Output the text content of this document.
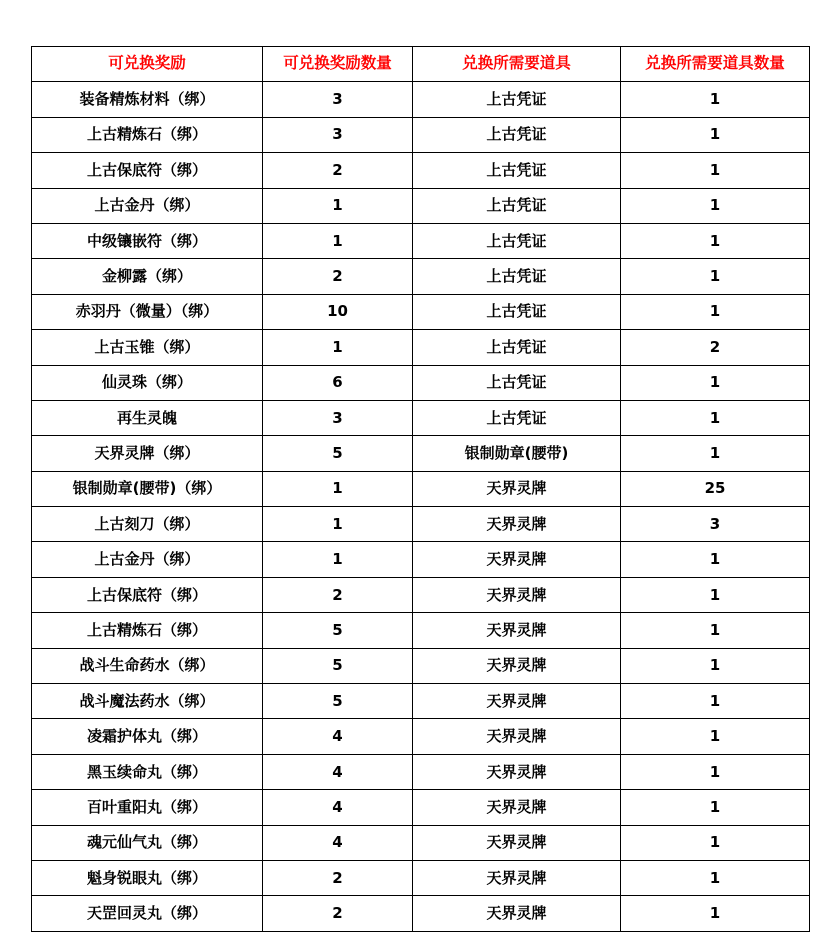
可兑换奖励	可兑换奖励数量	兑换所需要道具	兑换所需要道具数量
装备精炼材料（绑）	3	上古凭证	1
上古精炼石（绑）	3	上古凭证	1
上古保底符（绑）	2	上古凭证	1
上古金丹（绑）	1	上古凭证	1
中级镶嵌符（绑）	1	上古凭证	1
金柳露（绑）	2	上古凭证	1
赤羽丹（微量）（绑）	10	上古凭证	1
上古玉锥（绑）	1	上古凭证	2
仙灵珠（绑）	6	上古凭证	1
再生灵魄	3	上古凭证	1
天界灵牌（绑）	5	银制勋章(腰带)	1
银制勋章(腰带)（绑）	1	天界灵牌	25
上古刻刀（绑）	1	天界灵牌	3
上古金丹（绑）	1	天界灵牌	1
上古保底符（绑）	2	天界灵牌	1
上古精炼石（绑）	5	天界灵牌	1
战斗生命药水（绑）	5	天界灵牌	1
战斗魔法药水（绑）	5	天界灵牌	1
凌霜护体丸（绑）	4	天界灵牌	1
黑玉续命丸（绑）	4	天界灵牌	1
百叶重阳丸（绑）	4	天界灵牌	1
魂元仙气丸（绑）	4	天界灵牌	1
魁身锐眼丸（绑）	2	天界灵牌	1
天罡回灵丸（绑）	2	天界灵牌	1
